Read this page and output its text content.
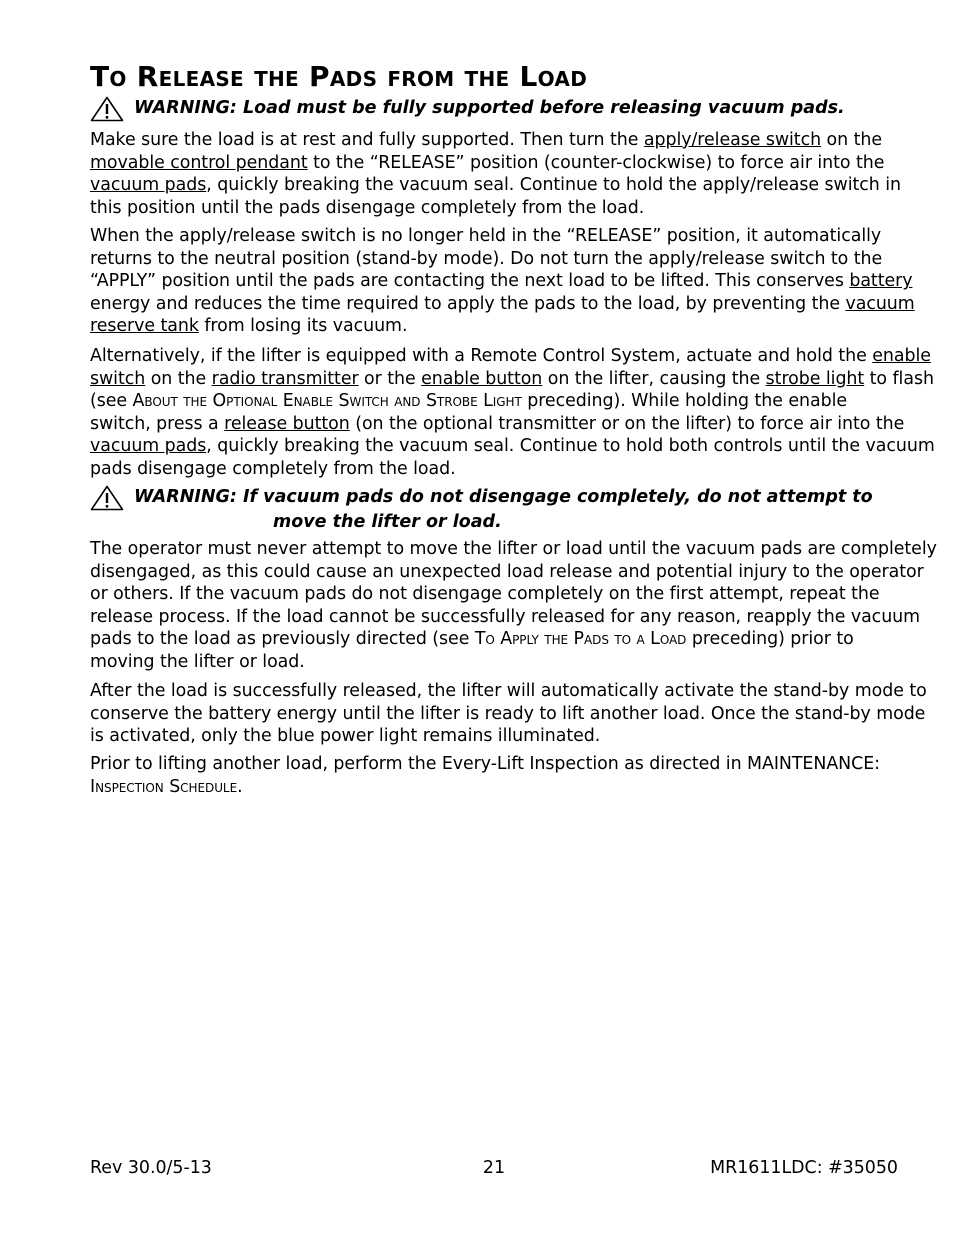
To Release the Pads from the Load
WARNING: Load must be fully supported before releasing vacuum pads.
Make sure the load is at rest and fully supported. Then turn the apply/release switch on the
movable control pendant to the “RELEASE” position (counter-clockwise) to force air into the
vacuum pads, quickly breaking the vacuum seal. Continue to hold the apply/release switch in
this position until the pads disengage completely from the load.
When the apply/release switch is no longer held in the “RELEASE” position, it automatically
returns to the neutral position (stand-by mode). Do not turn the apply/release switch to the
“APPLY” position until the pads are contacting the next load to be lifted. This conserves battery
energy and reduces the time required to apply the pads to the load, by preventing the vacuum
reserve tank from losing its vacuum.
Alternatively, if the lifter is equipped with a Remote Control System, actuate and hold the enable
switch on the radio transmitter or the enable button on the lifter, causing the strobe light to flash
(see About the Optional Enable Switch and Strobe Light preceding). While holding the enable
switch, press a release button (on the optional transmitter or on the lifter) to force air into the
vacuum pads, quickly breaking the vacuum seal. Continue to hold both controls until the vacuum
pads disengage completely from the load.
WARNING: If vacuum pads do not disengage completely, do not attempt to
move the lifter or load.
The operator must never attempt to move the lifter or load until the vacuum pads are completely
disengaged, as this could cause an unexpected load release and potential injury to the operator
or others. If the vacuum pads do not disengage completely on the first attempt, repeat the
release process. If the load cannot be successfully released for any reason, reapply the vacuum
pads to the load as previously directed (see To Apply the Pads to a Load preceding) prior to
moving the lifter or load.
After the load is successfully released, the lifter will automatically activate the stand-by mode to
conserve the battery energy until the lifter is ready to lift another load. Once the stand-by mode
is activated, only the blue power light remains illuminated.
Prior to lifting another load, perform the Every-Lift Inspection as directed in MAINTENANCE:
Inspection Schedule.
Rev 30.0/5-13	21	MR1611LDC: #35050
